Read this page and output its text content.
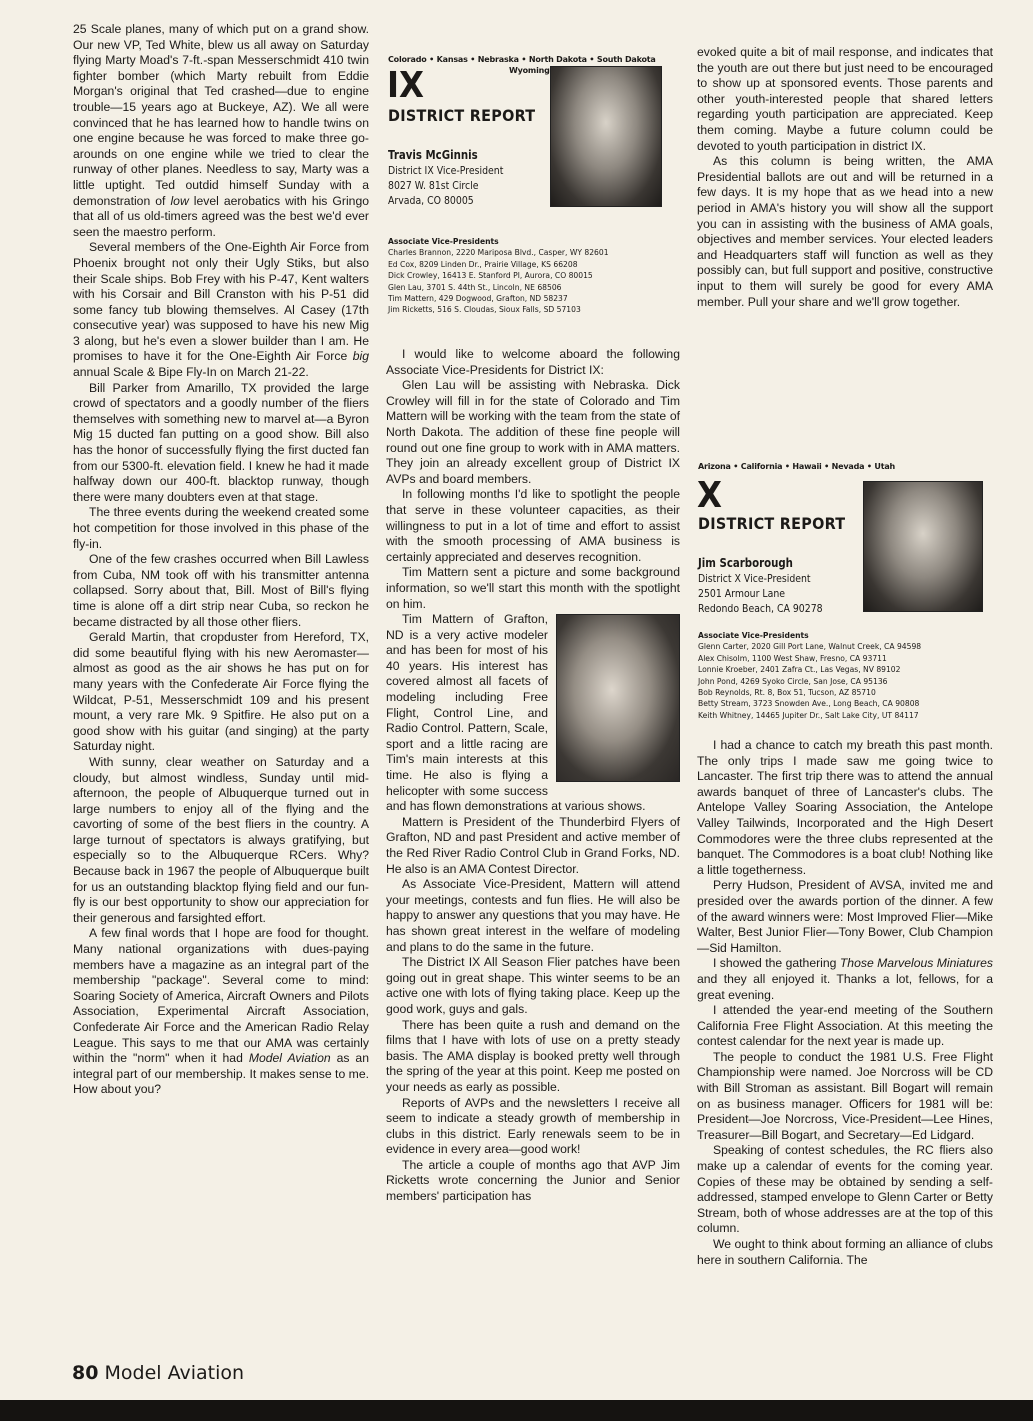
25 Scale planes, many of which put on a grand show. Our new VP, Ted White, blew us all away on Saturday flying Marty Moad's 7-ft.-span Messerschmidt 410 twin fighter bomber (which Marty rebuilt from Eddie Morgan's original that Ted crashed—due to engine trouble—15 years ago at Buckeye, AZ). We all were convinced that he has learned how to handle twins on one engine because he was forced to make three go-arounds on one engine while we tried to clear the runway of other planes. Needless to say, Marty was a little uptight. Ted outdid himself Sunday with a demonstration of low level aerobatics with his Gringo that all of us old-timers agreed was the best we'd ever seen the maestro perform.

Several members of the One-Eighth Air Force from Phoenix brought not only their Ugly Stiks, but also their Scale ships. Bob Frey with his P-47, Kent walters with his Corsair and Bill Cranston with his P-51 did some fancy tub blowing themselves. Al Casey (17th consecutive year) was supposed to have his new Mig 3 along, but he's even a slower builder than I am. He promises to have it for the One-Eighth Air Force big annual Scale & Bipe Fly-In on March 21-22.

Bill Parker from Amarillo, TX provided the large crowd of spectators and a goodly number of the fliers themselves with something new to marvel at—a Byron Mig 15 ducted fan putting on a good show. Bill also has the honor of successfully flying the first ducted fan from our 5300-ft. elevation field. I knew he had it made halfway down our 400-ft. blacktop runway, though there were many doubters even at that stage.

The three events during the weekend created some hot competition for those involved in this phase of the fly-in.

One of the few crashes occurred when Bill Lawless from Cuba, NM took off with his transmitter antenna collapsed. Sorry about that, Bill. Most of Bill's flying time is alone off a dirt strip near Cuba, so reckon he became distracted by all those other fliers.

Gerald Martin, that cropduster from Hereford, TX, did some beautiful flying with his new Aeromaster—almost as good as the air shows he has put on for many years with the Confederate Air Force flying the Wildcat, P-51, Messerschmidt 109 and his present mount, a very rare Mk. 9 Spitfire. He also put on a good show with his guitar (and singing) at the party Saturday night.

With sunny, clear weather on Saturday and a cloudy, but almost windless, Sunday until mid-afternoon, the people of Albuquerque turned out in large numbers to enjoy all of the flying and the cavorting of some of the best fliers in the country. A large turnout of spectators is always gratifying, but especially so to the Albuquerque RCers. Why? Because back in 1967 the people of Albuquerque built for us an outstanding blacktop flying field and our fun-fly is our best opportunity to show our appreciation for their generous and farsighted effort.

A few final words that I hope are food for thought. Many national organizations with dues-paying members have a magazine as an integral part of the membership "package". Several come to mind: Soaring Society of America, Aircraft Owners and Pilots Association, Experimental Aircraft Association, Confederate Air Force and the American Radio Relay League. This says to me that our AMA was certainly within the "norm" when it had Model Aviation as an integral part of our membership. It makes sense to me. How about you?

Colorado • Kansas • Nebraska • North Dakota • South Dakota
Wyoming
IX
DISTRICT REPORT
Travis McGinnis
District IX Vice-President
8027 W. 81st Circle
Arvada, CO 80005
Associate Vice-Presidents
Charles Brannon, 2220 Mariposa Blvd., Casper, WY 82601
Ed Cox, 8209 Linden Dr., Prairie Village, KS 66208
Dick Crowley, 16413 E. Stanford Pl, Aurora, CO 80015
Glen Lau, 3701 S. 44th St., Lincoln, NE 68506
Tim Mattern, 429 Dogwood, Grafton, ND 58237
Jim Ricketts, 516 S. Cloudas, Sioux Falls, SD 57103

I would like to welcome aboard the following Associate Vice-Presidents for District IX:

Glen Lau will be assisting with Nebraska. Dick Crowley will fill in for the state of Colorado and Tim Mattern will be working with the team from the state of North Dakota. The addition of these fine people will round out one fine group to work with in AMA matters. They join an already excellent group of District IX AVPs and board members.

In following months I'd like to spotlight the people that serve in these volunteer capacities, as their willingness to put in a lot of time and effort to assist with the smooth processing of AMA business is certainly appreciated and deserves recognition.

Tim Mattern sent a picture and some background information, so we'll start this month with the spotlight on him.

Tim Mattern of Grafton, ND is a very active modeler and has been for most of his 40 years. His interest has covered almost all facets of modeling including Free Flight, Control Line, and Radio Control. Pattern, Scale, sport and a little racing are Tim's main interests at this time. He also is flying a helicopter with some success and has flown demonstrations at various shows.

Mattern is President of the Thunderbird Flyers of Grafton, ND and past President and active member of the Red River Radio Control Club in Grand Forks, ND. He also is an AMA Contest Director.

As Associate Vice-President, Mattern will attend your meetings, contests and fun flies. He will also be happy to answer any questions that you may have. He has shown great interest in the welfare of modeling and plans to do the same in the future.

The District IX All Season Flier patches have been going out in great shape. This winter seems to be an active one with lots of flying taking place. Keep up the good work, guys and gals.

There has been quite a rush and demand on the films that I have with lots of use on a pretty steady basis. The AMA display is booked pretty well through the spring of the year at this point. Keep me posted on your needs as early as possible.

Reports of AVPs and the newsletters I receive all seem to indicate a steady growth of membership in clubs in this district. Early renewals seem to be in evidence in every area—good work!

The article a couple of months ago that AVP Jim Ricketts wrote concerning the Junior and Senior members' participation has

evoked quite a bit of mail response, and indicates that the youth are out there but just need to be encouraged to show up at sponsored events. Those parents and other youth-interested people that shared letters regarding youth participation are appreciated. Keep them coming. Maybe a future column could be devoted to youth participation in district IX.

As this column is being written, the AMA Presidential ballots are out and will be returned in a few days. It is my hope that as we head into a new period in AMA's history you will show all the support you can in assisting with the business of AMA goals, objectives and member services. Your elected leaders and Headquarters staff will function as well as they possibly can, but full support and positive, constructive input to them will surely be good for every AMA member. Pull your share and we'll grow together.

Arizona • California • Hawaii • Nevada • Utah
X
DISTRICT REPORT
Jim Scarborough
District X Vice-President
2501 Armour Lane
Redondo Beach, CA 90278
Associate Vice-Presidents
Glenn Carter, 2020 Gill Port Lane, Walnut Creek, CA 94598
Alex Chisolm, 1100 West Shaw, Fresno, CA 93711
Lonnie Kroeber, 2401 Zafra Ct., Las Vegas, NV 89102
John Pond, 4269 Syoko Circle, San Jose, CA 95136
Bob Reynolds, Rt. 8, Box 51, Tucson, AZ 85710
Betty Stream, 3723 Snowden Ave., Long Beach, CA 90808
Keith Whitney, 14465 Jupiter Dr., Salt Lake City, UT 84117

I had a chance to catch my breath this past month. The only trips I made saw me going twice to Lancaster. The first trip there was to attend the annual awards banquet of three of Lancaster's clubs. The Antelope Valley Soaring Association, the Antelope Valley Tailwinds, Incorporated and the High Desert Commodores were the three clubs represented at the banquet. The Commodores is a boat club! Nothing like a little togetherness.

Perry Hudson, President of AVSA, invited me and presided over the awards portion of the dinner. A few of the award winners were: Most Improved Flier—Mike Walter, Best Junior Flier—Tony Bower, Club Champion—Sid Hamilton.

I showed the gathering Those Marvelous Miniatures and they all enjoyed it. Thanks a lot, fellows, for a great evening.

I attended the year-end meeting of the Southern California Free Flight Association. At this meeting the contest calendar for the next year is made up.

The people to conduct the 1981 U.S. Free Flight Championship were named. Joe Norcross will be CD with Bill Stroman as assistant. Bill Bogart will remain on as business manager. Officers for 1981 will be: President—Joe Norcross, Vice-President—Lee Hines, Treasurer—Bill Bogart, and Secretary—Ed Lidgard.

Speaking of contest schedules, the RC fliers also make up a calendar of events for the coming year. Copies of these may be obtained by sending a self-addressed, stamped envelope to Glenn Carter or Betty Stream, both of whose addresses are at the top of this column.

We ought to think about forming an alliance of clubs here in southern California. The

80 Model Aviation
